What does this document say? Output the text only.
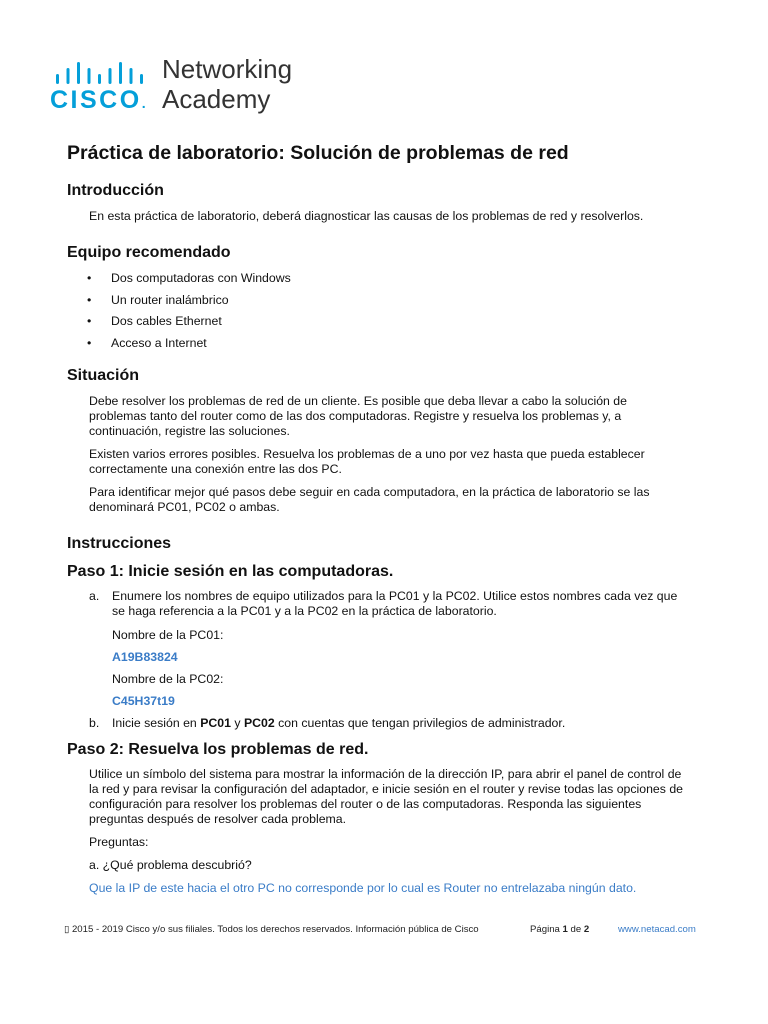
CISCO.
Networking
Academy
Práctica de laboratorio: Solución de problemas de red
Introducción

En esta práctica de laboratorio, deberá diagnosticar las causas de los problemas de red y resolverlos.

Equipo recomendado
• Dos computadoras con Windows
• Un router inalámbrico
• Dos cables Ethernet
• Acceso a Internet
Situación

Debe resolver los problemas de red de un cliente. Es posible que deba llevar a cabo la solución de
problemas tanto del router como de las dos computadoras. Registre y resuelva los problemas y, a
continuación, registre las soluciones.

Existen varios errores posibles. Resuelva los problemas de a uno por vez hasta que pueda establecer
correctamente una conexión entre las dos PC.

Para identificar mejor qué pasos debe seguir en cada computadora, en la práctica de laboratorio se las
denominará PC01, PC02 o ambas.

Instrucciones
Paso 1: Inicie sesión en las computadoras.
a. Enumere los nombres de equipo utilizados para la PC01 y la PC02. Utilice estos nombres cada vez que
se haga referencia a la PC01 y a la PC02 en la práctica de laboratorio.
Nombre de la PC01:
A19B83824
Nombre de la PC02:
C45H37t19
b. Inicie sesión en PC01 y PC02 con cuentas que tengan privilegios de administrador.
Paso 2: Resuelva los problemas de red.

Utilice un símbolo del sistema para mostrar la información de la dirección IP, para abrir el panel de control de
la red y para revisar la configuración del adaptador, e inicie sesión en el router y revise todas las opciones de
configuración para resolver los problemas del router o de las computadoras. Responda las siguientes
preguntas después de resolver cada problema.

Preguntas:

a. ¿Qué problema descubrió?

Que la IP de este hacia el otro PC no corresponde por lo cual es Router no entrelazaba ningún dato.

▯ 2015 - 2019 Cisco y/o sus filiales. Todos los derechos reservados. Información pública de Cisco	Página 1 de 2	www.netacad.com
